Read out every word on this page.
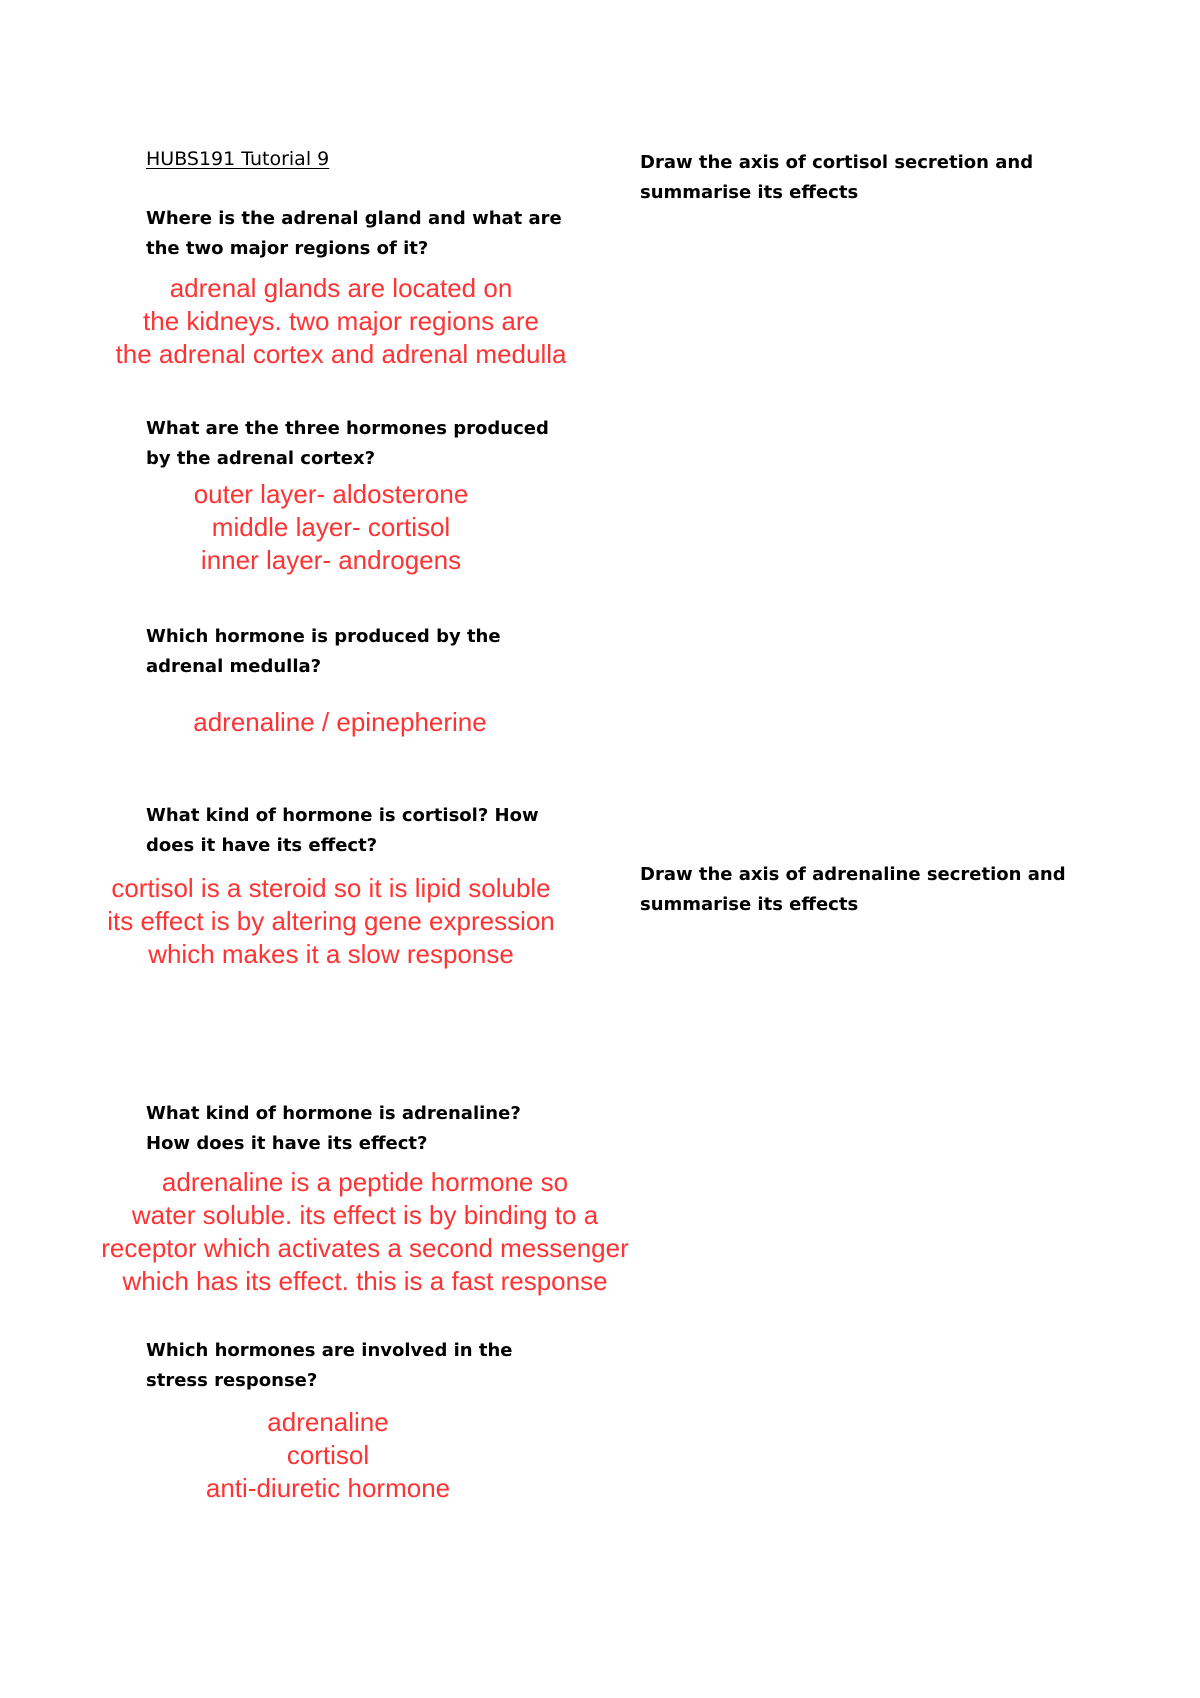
HUBS191 Tutorial 9
Where is the adrenal gland and what are
the two major regions of it?
adrenal glands are located on
the kidneys. two major regions are
the adrenal cortex and adrenal medulla
What are the three hormones produced
by the adrenal cortex?
outer layer- aldosterone
middle layer- cortisol
inner layer- androgens
Which hormone is produced by the
adrenal medulla?
adrenaline / epinepherine
What kind of hormone is cortisol? How
does it have its effect?
cortisol is a steroid so it is lipid soluble
its effect is by altering gene expression
which makes it a slow response
What kind of hormone is adrenaline?
How does it have its effect?
adrenaline is a peptide hormone so
water soluble. its effect is by binding to a
receptor which activates a second messenger
which has its effect. this is a fast response
Which hormones are involved in the
stress response?
adrenaline
cortisol
anti-diuretic hormone
Draw the axis of cortisol secretion and
summarise its effects
Draw the axis of adrenaline secretion and
summarise its effects
